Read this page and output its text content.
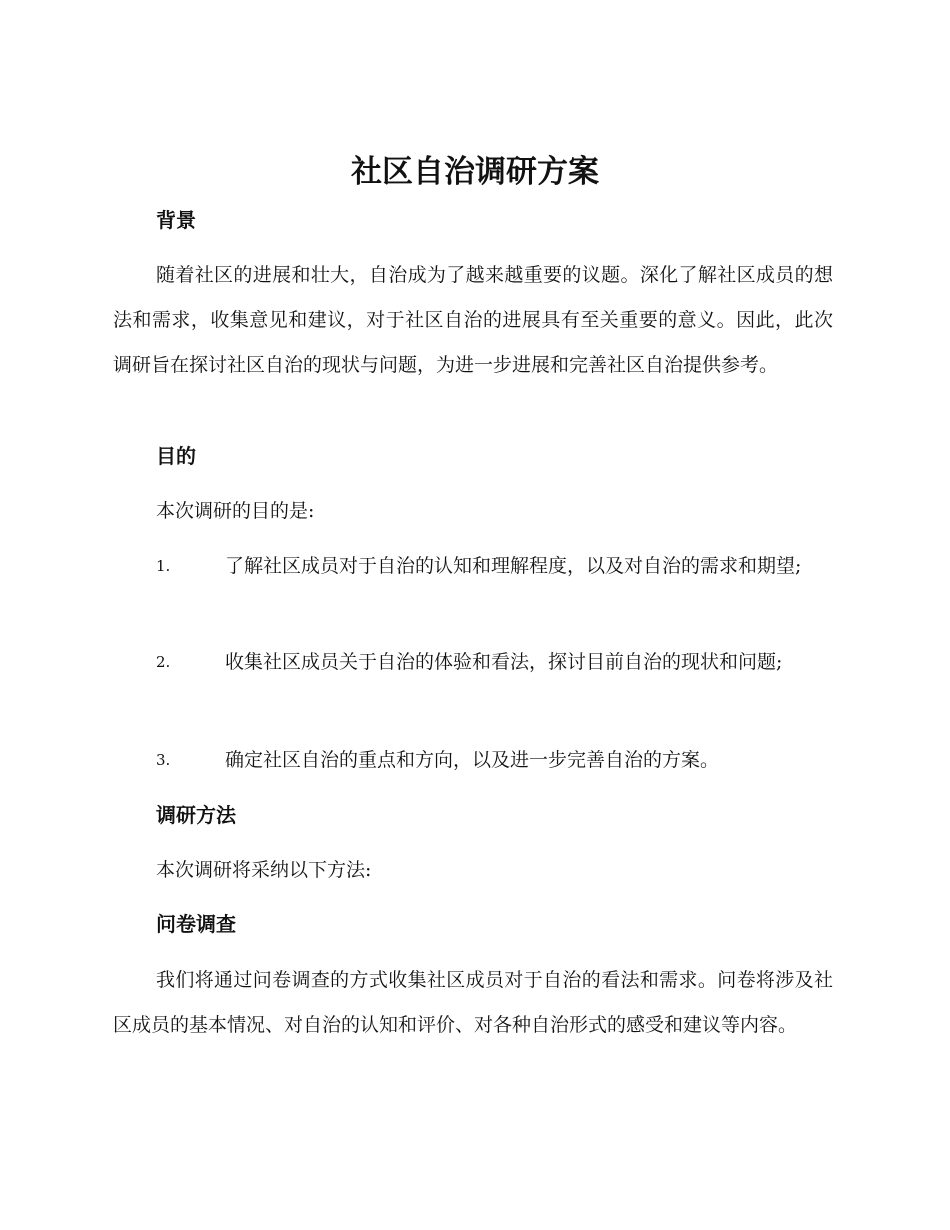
社区自治调研方案
背景

随着社区的进展和壮大，自治成为了越来越重要的议题。深化了解社区成员的想法和需求，收集意见和建议，对于社区自治的进展具有至关重要的意义。因此，此次调研旨在探讨社区自治的现状与问题，为进一步进展和完善社区自治提供参考。

目的

本次调研的目的是:

1.	了解社区成员对于自治的认知和理解程度，以及对自治的需求和期望;
2.	收集社区成员关于自治的体验和看法，探讨目前自治的现状和问题;
3.	确定社区自治的重点和方向，以及进一步完善自治的方案。
调研方法

本次调研将采纳以下方法:

问卷调查

我们将通过问卷调查的方式收集社区成员对于自治的看法和需求。问卷将涉及社区成员的基本情况、对自治的认知和评价、对各种自治形式的感受和建议等内容。
